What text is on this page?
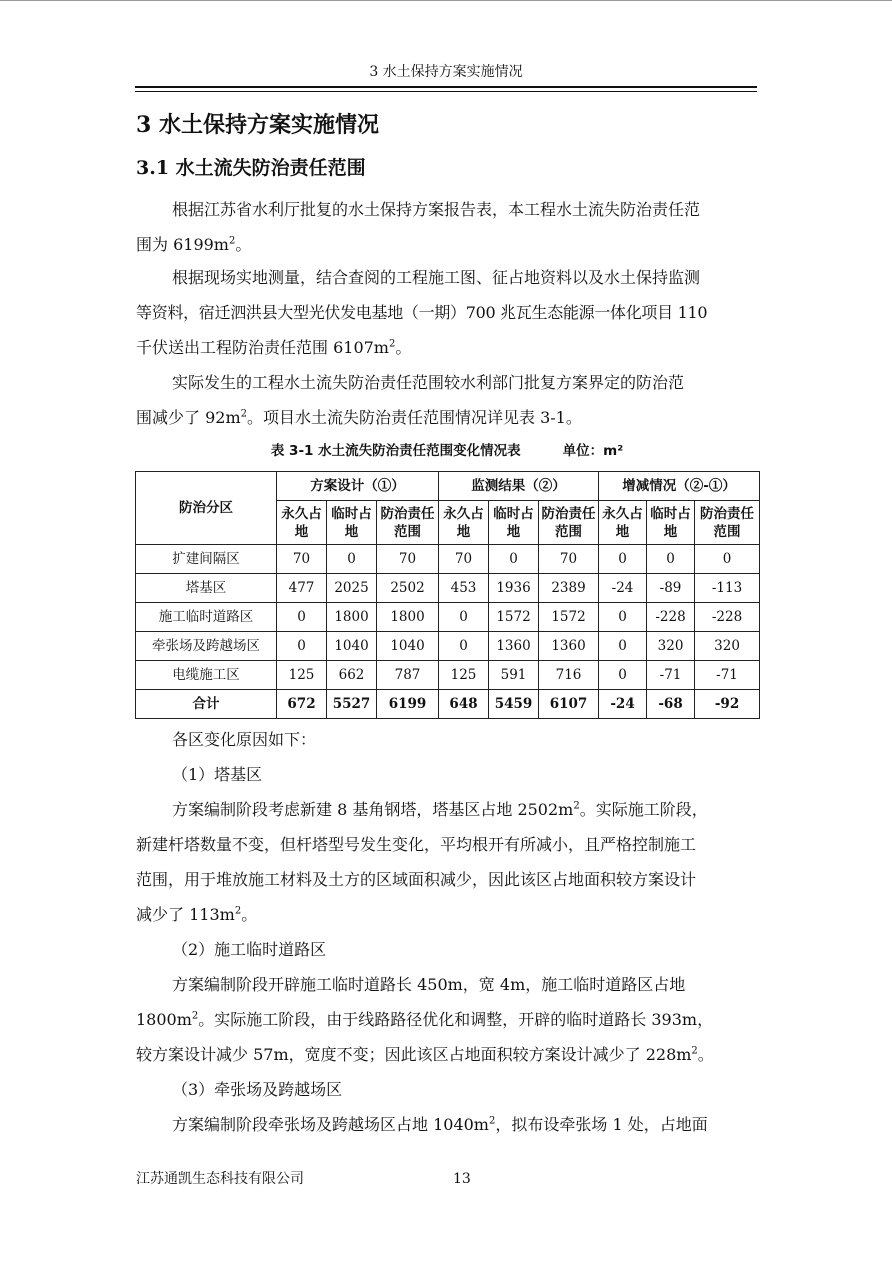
3 水土保持方案实施情况
3 水土保持方案实施情况
3.1 水土流失防治责任范围

根据江苏省水利厅批复的水土保持方案报告表，本工程水土流失防治责任范

围为 $6199m^2$。

根据现场实地测量，结合查阅的工程施工图、征占地资料以及水土保持监测

等资料，宿迁泗洪县大型光伏发电基地（一期）700 兆瓦生态能源一体化项目 110

千伏送出工程防治责任范围 $6107m^2$。

实际发生的工程水土流失防治责任范围较水利部门批复方案界定的防治范

围减少了 $92m^2$。项目水土流失防治责任范围情况详见表 3-1。

表 3-1 水土流失防治责任范围变化情况表	单位：m²
防治分区	方案设计（①）			监测结果（②）			增减情况（②-①）		
	永久占地	临时占地	防治责任范围	永久占地	临时占地	防治责任范围	永久占地	临时占地	防治责任范围
扩建间隔区	70	0	70	70	0	70	0	0	0
塔基区	477	2025	2502	453	1936	2389	-24	-89	-113
施工临时道路区	0	1800	1800	0	1572	1572	0	-228	-228
牵张场及跨越场区	0	1040	1040	0	1360	1360	0	320	320
电缆施工区	125	662	787	125	591	716	0	-71	-71
合计	672	5527	6199	648	5459	6107	-24	-68	-92

各区变化原因如下：

（1）塔基区

方案编制阶段考虑新建 8 基角钢塔，塔基区占地 $2502m^2$。实际施工阶段，

新建杆塔数量不变，但杆塔型号发生变化，平均根开有所减小，且严格控制施工

范围，用于堆放施工材料及土方的区域面积减少，因此该区占地面积较方案设计

减少了 $113m^2$。

（2）施工临时道路区

方案编制阶段开辟施工临时道路长 450m，宽 4m，施工临时道路区占地

$1800m^2$。实际施工阶段，由于线路路径优化和调整，开辟的临时道路长 393m，

较方案设计减少 57m，宽度不变；因此该区占地面积较方案设计减少了 $228m^2$。

（3）牵张场及跨越场区

方案编制阶段牵张场及跨越场区占地 $1040m^2$，拟布设牵张场 1 处，占地面

江苏通凯生态科技有限公司	13
